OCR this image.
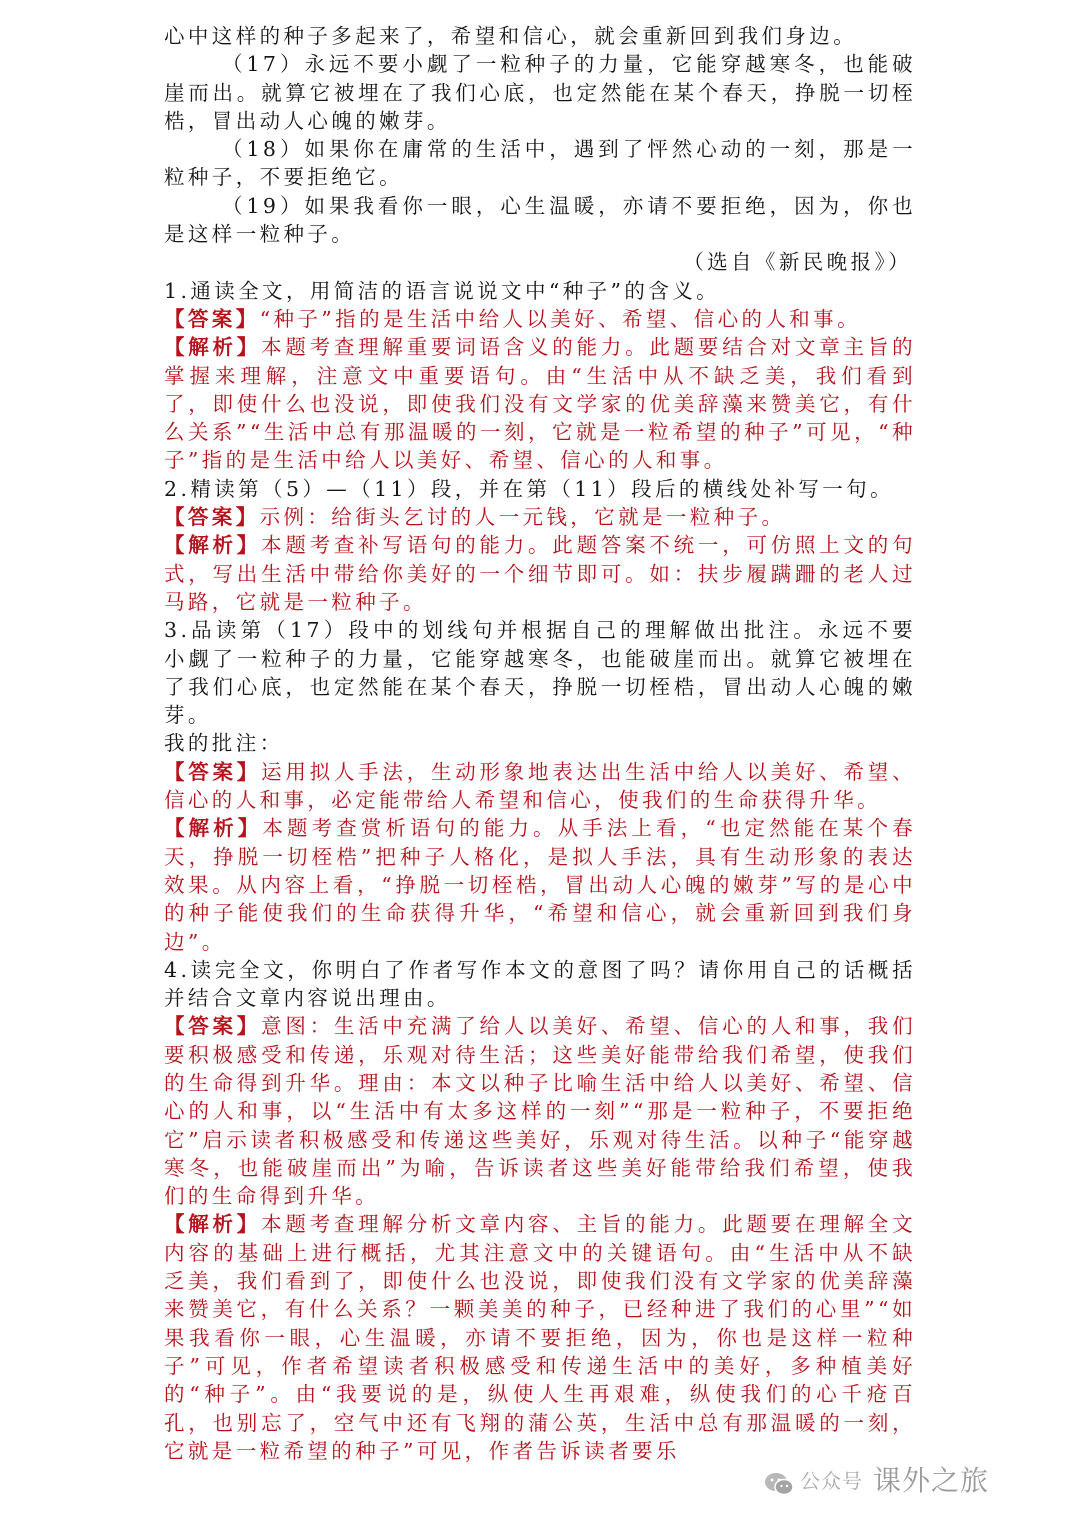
心中这样的种子多起来了，希望和信心，就会重新回到我们身边。

（17）永远不要小觑了一粒种子的力量，它能穿越寒冬，也能破崖而出。就算它被埋在了我们心底，也定然能在某个春天，挣脱一切桎梏，冒出动人心魄的嫩芽。

（18）如果你在庸常的生活中，遇到了怦然心动的一刻，那是一粒种子，不要拒绝它。

（19）如果我看你一眼，心生温暖，亦请不要拒绝，因为，你也是这样一粒种子。

（选自《新民晚报》）

1.通读全文，用简洁的语言说说文中“种子”的含义。

【答案】“种子”指的是生活中给人以美好、希望、信心的人和事。

【解析】本题考查理解重要词语含义的能力。此题要结合对文章主旨的掌握来理解，注意文中重要语句。由“生活中从不缺乏美，我们看到了，即使什么也没说，即使我们没有文学家的优美辞藻来赞美它，有什么关系”“生活中总有那温暖的一刻，它就是一粒希望的种子”可见，“种子”指的是生活中给人以美好、希望、信心的人和事。

2.精读第（5）—（11）段，并在第（11）段后的横线处补写一句。

【答案】示例：给街头乞讨的人一元钱，它就是一粒种子。

【解析】本题考查补写语句的能力。此题答案不统一，可仿照上文的句式，写出生活中带给你美好的一个细节即可。如：扶步履蹒跚的老人过马路，它就是一粒种子。

3.品读第（17）段中的划线句并根据自己的理解做出批注。永远不要小觑了一粒种子的力量，它能穿越寒冬，也能破崖而出。就算它被埋在了我们心底，也定然能在某个春天，挣脱一切桎梏，冒出动人心魄的嫩芽。

我的批注：

【答案】运用拟人手法，生动形象地表达出生活中给人以美好、希望、信心的人和事，必定能带给人希望和信心，使我们的生命获得升华。

【解析】本题考查赏析语句的能力。从手法上看，“也定然能在某个春天，挣脱一切桎梏”把种子人格化，是拟人手法，具有生动形象的表达效果。从内容上看，“挣脱一切桎梏，冒出动人心魄的嫩芽”写的是心中的种子能使我们的生命获得升华，“希望和信心，就会重新回到我们身边”。

4.读完全文，你明白了作者写作本文的意图了吗？请你用自己的话概括并结合文章内容说出理由。

【答案】意图：生活中充满了给人以美好、希望、信心的人和事，我们要积极感受和传递，乐观对待生活；这些美好能带给我们希望，使我们的生命得到升华。理由：本文以种子比喻生活中给人以美好、希望、信心的人和事，以“生活中有太多这样的一刻”“那是一粒种子，不要拒绝它”启示读者积极感受和传递这些美好，乐观对待生活。以种子“能穿越寒冬，也能破崖而出”为喻，告诉读者这些美好能带给我们希望，使我们的生命得到升华。

【解析】本题考查理解分析文章内容、主旨的能力。此题要在理解全文内容的基础上进行概括，尤其注意文中的关键语句。由“生活中从不缺乏美，我们看到了，即使什么也没说，即使我们没有文学家的优美辞藻来赞美它，有什么关系？一颗美美的种子，已经种进了我们的心里”“如果我看你一眼，心生温暖，亦请不要拒绝，因为，你也是这样一粒种子”可见，作者希望读者积极感受和传递生活中的美好，多种植美好的“种子”。由“我要说的是，纵使人生再艰难，纵使我们的心千疮百孔，也别忘了，空气中还有飞翔的蒲公英，生活中总有那温暖的一刻，它就是一粒希望的种子”可见，作者告诉读者要乐

公众号 课外之旅
